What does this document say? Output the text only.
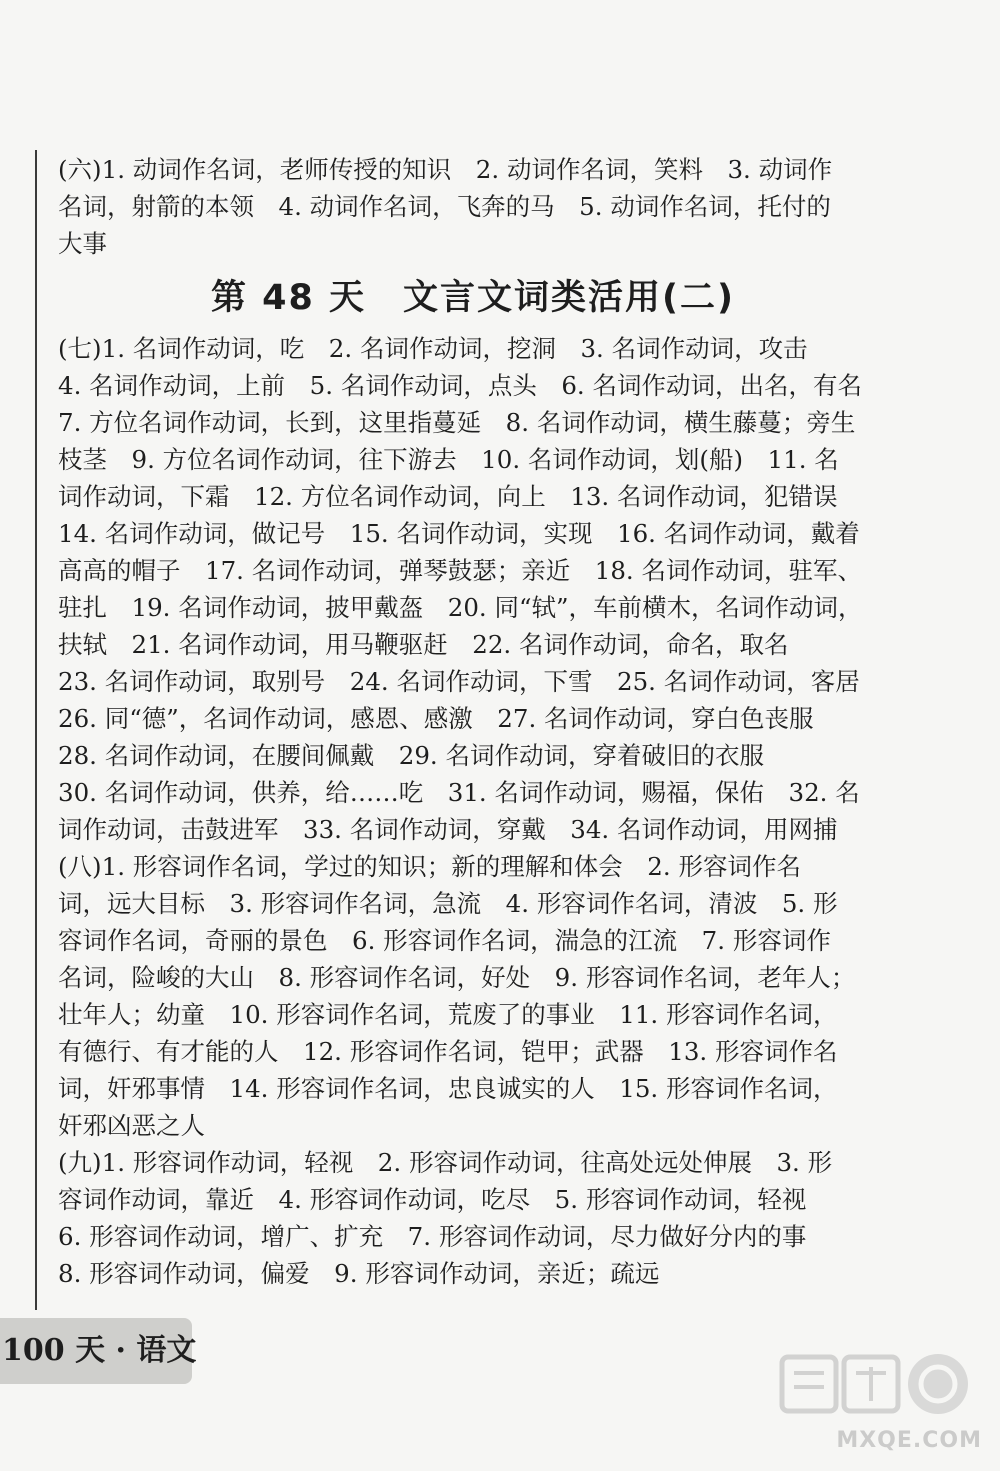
(六)1. 动词作名词，老师传授的知识　2. 动词作名词，笑料　3. 动词作
名词，射箭的本领　4. 动词作名词，飞奔的马　5. 动词作名词，托付的
大事
第 48 天　文言文词类活用(二)
(七)1. 名词作动词，吃　2. 名词作动词，挖洞　3. 名词作动词，攻击
4. 名词作动词，上前　5. 名词作动词，点头　6. 名词作动词，出名，有名
7. 方位名词作动词，长到，这里指蔓延　8. 名词作动词，横生藤蔓；旁生
枝茎　9. 方位名词作动词，往下游去　10. 名词作动词，划(船)　11. 名
词作动词，下霜　12. 方位名词作动词，向上　13. 名词作动词，犯错误
14. 名词作动词，做记号　15. 名词作动词，实现　16. 名词作动词，戴着
高高的帽子　17. 名词作动词，弹琴鼓瑟；亲近　18. 名词作动词，驻军、
驻扎　19. 名词作动词，披甲戴盔　20. 同“轼”，车前横木，名词作动词，
扶轼　21. 名词作动词，用马鞭驱赶　22. 名词作动词，命名，取名
23. 名词作动词，取别号　24. 名词作动词，下雪　25. 名词作动词，客居
26. 同“德”，名词作动词，感恩、感激　27. 名词作动词，穿白色丧服
28. 名词作动词，在腰间佩戴　29. 名词作动词，穿着破旧的衣服
30. 名词作动词，供养，给……吃　31. 名词作动词，赐福，保佑　32. 名
词作动词，击鼓进军　33. 名词作动词，穿戴　34. 名词作动词，用网捕
(八)1. 形容词作名词，学过的知识；新的理解和体会　2. 形容词作名
词，远大目标　3. 形容词作名词，急流　4. 形容词作名词，清波　5. 形
容词作名词，奇丽的景色　6. 形容词作名词，湍急的江流　7. 形容词作
名词，险峻的大山　8. 形容词作名词，好处　9. 形容词作名词，老年人；
壮年人；幼童　10. 形容词作名词，荒废了的事业　11. 形容词作名词，
有德行、有才能的人　12. 形容词作名词，铠甲；武器　13. 形容词作名
词，奸邪事情　14. 形容词作名词，忠良诚实的人　15. 形容词作名词，
奸邪凶恶之人
(九)1. 形容词作动词，轻视　2. 形容词作动词，往高处远处伸展　3. 形
容词作动词，靠近　4. 形容词作动词，吃尽　5. 形容词作动词，轻视
6. 形容词作动词，增广、扩充　7. 形容词作动词，尽力做好分内的事
8. 形容词作动词，偏爱　9. 形容词作动词，亲近；疏远
100 天 · 语文
MXQE.COM
